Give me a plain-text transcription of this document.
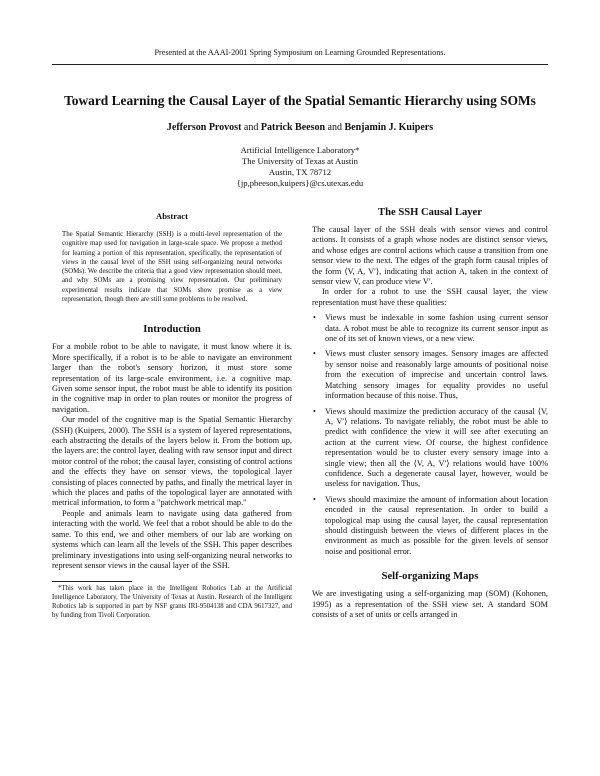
Presented at the AAAI-2001 Spring Symposium on Learning Grounded Representations.
Toward Learning the Causal Layer of the Spatial Semantic Hierarchy using SOMs
Jefferson Provost and Patrick Beeson and Benjamin J. Kuipers
Artificial Intelligence Laboratory*
The University of Texas at Austin
Austin, TX 78712
{jp,pbeeson,kuipers}@cs.utexas.edu
Abstract
The Spatial Semantic Hierarchy (SSH) is a multi-level representation of the cognitive map used for navigation in large-scale space. We propose a method for learning a portion of this representation, specifically, the representation of views in the causal level of the SSH using self-organizing neural networks (SOMs). We describe the criteria that a good view representation should meet, and why SOMs are a promising view representation. Our preliminary experimental results indicate that SOMs show promise as a view representation, though there are still some problems to be resolved.
Introduction

For a mobile robot to be able to navigate, it must know where it is. More specifically, if a robot is to be able to navigate an environment larger than the robot's sensory horizon, it must store some representation of its large-scale environment, i.e. a cognitive map. Given some sensor input, the robot must be able to identify its position in the cognitive map in order to plan routes or monitor the progress of navigation.

Our model of the cognitive map is the Spatial Semantic Hierarchy (SSH) (Kuipers, 2000). The SSH is a system of layered representations, each abstracting the details of the layers below it. From the bottom up, the layers are: the control layer, dealing with raw sensor input and direct motor control of the robot; the causal layer, consisting of control actions and the effects they have on sensor views, the topological layer consisting of places connected by paths, and finally the metrical layer in which the places and paths of the topological layer are annotated with metrical information, to form a "patchwork metrical map."

People and animals learn to navigate using data gathered from interacting with the world. We feel that a robot should be able to do the same. To this end, we and other members of our lab are working on systems which can learn all the levels of the SSH. This paper describes preliminary investigations into using self-organizing neural networks to represent sensor views in the causal layer of the SSH.

*This work has taken place in the Intelligent Robotics Lab at the Artificial Intelligence Laboratory, The University of Texas at Austin. Research of the Intelligent Robotics lab is supported in part by NSF grants IRI-9504138 and CDA 9617327, and by funding from Tivoli Corporation.
The SSH Causal Layer

The causal layer of the SSH deals with sensor views and control actions. It consists of a graph whose nodes are distinct sensor views, and whose edges are control actions which cause a transition from one sensor view to the next. The edges of the graph form causal triples of the form ⟨V, A, V′⟩, indicating that action A, taken in the context of sensor view V, can produce view V′.

In order for a robot to use the SSH causal layer, the view representation must have these qualities:

• Views must be indexable in some fashion using current sensor data. A robot must be able to recognize its current sensor input as one of its set of known views, or a new view.
• Views must cluster sensory images. Sensory images are affected by sensor noise and reasonably large amounts of positional noise from the execution of imprecise and uncertain control laws. Matching sensory images for equality provides no useful information because of this noise. Thus,
• Views should maximize the prediction accuracy of the causal ⟨V, A, V′⟩ relations. To navigate reliably, the robot must be able to predict with confidence the view it will see after executing an action at the current view. Of course, the highest confidence representation would be to cluster every sensory image into a single view; then all the ⟨V, A, V′⟩ relations would have 100% confidence. Such a degenerate causal layer, however, would be useless for navigation. Thus,
• Views should maximize the amount of information about location encoded in the causal representation. In order to build a topological map using the causal layer, the causal representation should distinguish between the views of different places in the environment as much as possible for the given levels of sensor noise and positional error.
Self-organizing Maps

We are investigating using a self-organizing map (SOM) (Kohonen, 1995) as a representation of the SSH view set. A standard SOM consists of a set of units or cells arranged in
